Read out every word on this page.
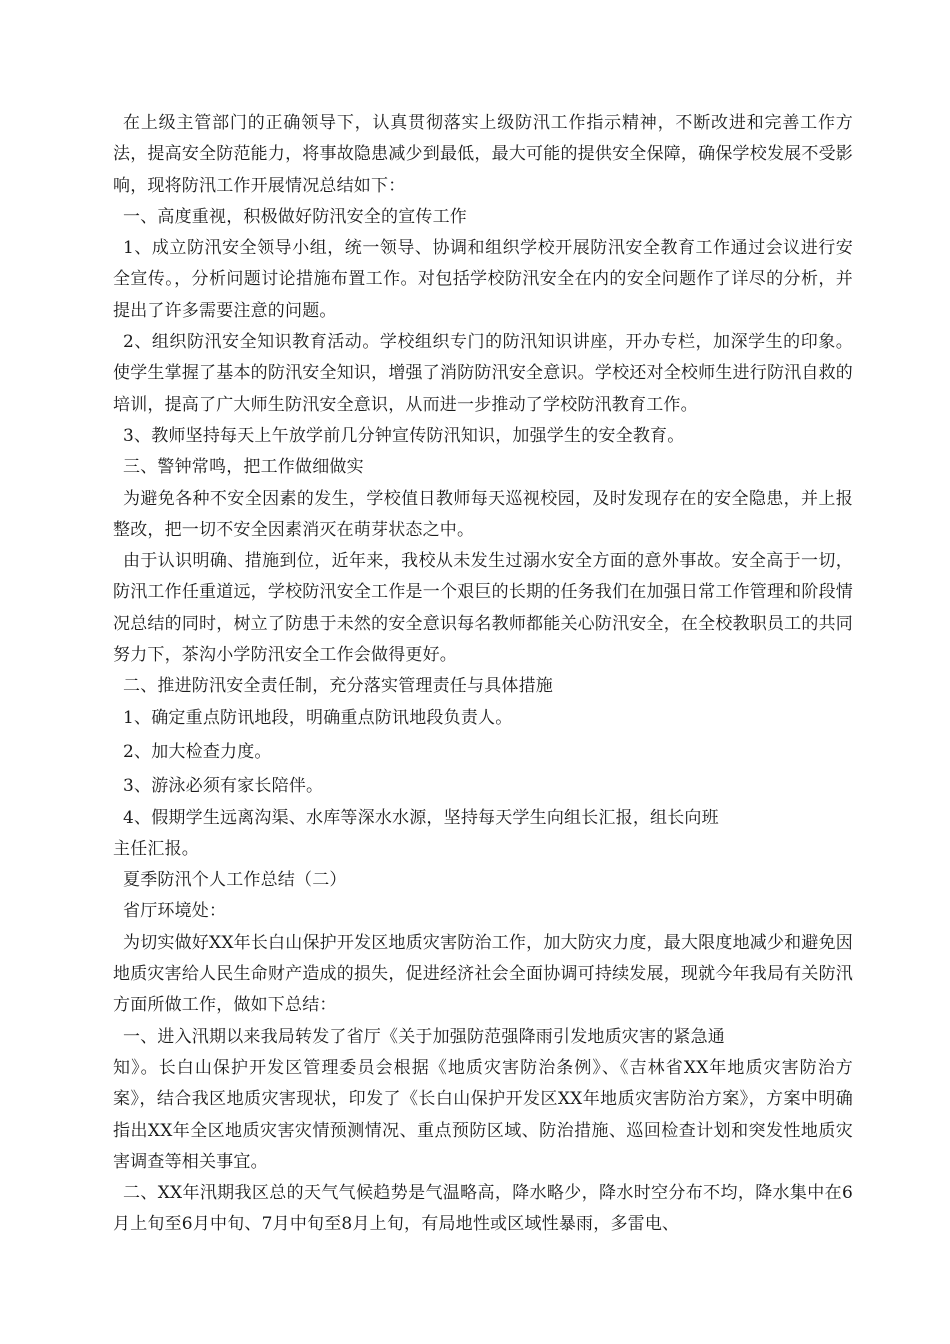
在上级主管部门的正确领导下，认真贯彻落实上级防汛工作指示精神，不断改进和完善工作方法，提高安全防范能力，将事故隐患减少到最低，最大可能的提供安全保障，确保学校发展不受影响，现将防汛工作开展情况总结如下：

一、高度重视，积极做好防汛安全的宣传工作

1、成立防汛安全领导小组，统一领导、协调和组织学校开展防汛安全教育工作通过会议进行安全宣传。，分析问题讨论措施布置工作。对包括学校防汛安全在内的安全问题作了详尽的分析，并提出了许多需要注意的问题。

2、组织防汛安全知识教育活动。学校组织专门的防汛知识讲座，开办专栏，加深学生的印象。使学生掌握了基本的防汛安全知识，增强了消防防汛安全意识。学校还对全校师生进行防汛自救的培训，提高了广大师生防汛安全意识，从而进一步推动了学校防汛教育工作。

3、教师坚持每天上午放学前几分钟宣传防汛知识，加强学生的安全教育。

三、警钟常鸣，把工作做细做实

为避免各种不安全因素的发生，学校值日教师每天巡视校园，及时发现存在的安全隐患，并上报整改，把一切不安全因素消灭在萌芽状态之中。

由于认识明确、措施到位，近年来，我校从未发生过溺水安全方面的意外事故。安全高于一切，防汛工作任重道远，学校防汛安全工作是一个艰巨的长期的任务我们在加强日常工作管理和阶段情况总结的同时，树立了防患于未然的安全意识每名教师都能关心防汛安全，在全校教职员工的共同努力下，茶沟小学防汛安全工作会做得更好。

二、推进防汛安全责任制，充分落实管理责任与具体措施

1、确定重点防讯地段，明确重点防讯地段负责人。

2、加大检查力度。

3、游泳必须有家长陪伴。

4、假期学生远离沟渠、水库等深水水源，坚持每天学生向组长汇报，组长向班

主任汇报。

夏季防汛个人工作总结（二）

省厅环境处：

为切实做好XX年长白山保护开发区地质灾害防治工作，加大防灾力度，最大限度地减少和避免因地质灾害给人民生命财产造成的损失，促进经济社会全面协调可持续发展，现就今年我局有关防汛方面所做工作，做如下总结：

一、进入汛期以来我局转发了省厅《关于加强防范强降雨引发地质灾害的紧急通

知》。长白山保护开发区管理委员会根据《地质灾害防治条例》、《吉林省XX年地质灾害防治方案》，结合我区地质灾害现状，印发了《长白山保护开发区XX年地质灾害防治方案》，方案中明确指出XX年全区地质灾害灾情预测情况、重点预防区域、防治措施、巡回检查计划和突发性地质灾害调查等相关事宜。

二、XX年汛期我区总的天气气候趋势是气温略高，降水略少，降水时空分布不均，降水集中在6月上旬至6月中旬、7月中旬至8月上旬，有局地性或区域性暴雨，多雷电、
